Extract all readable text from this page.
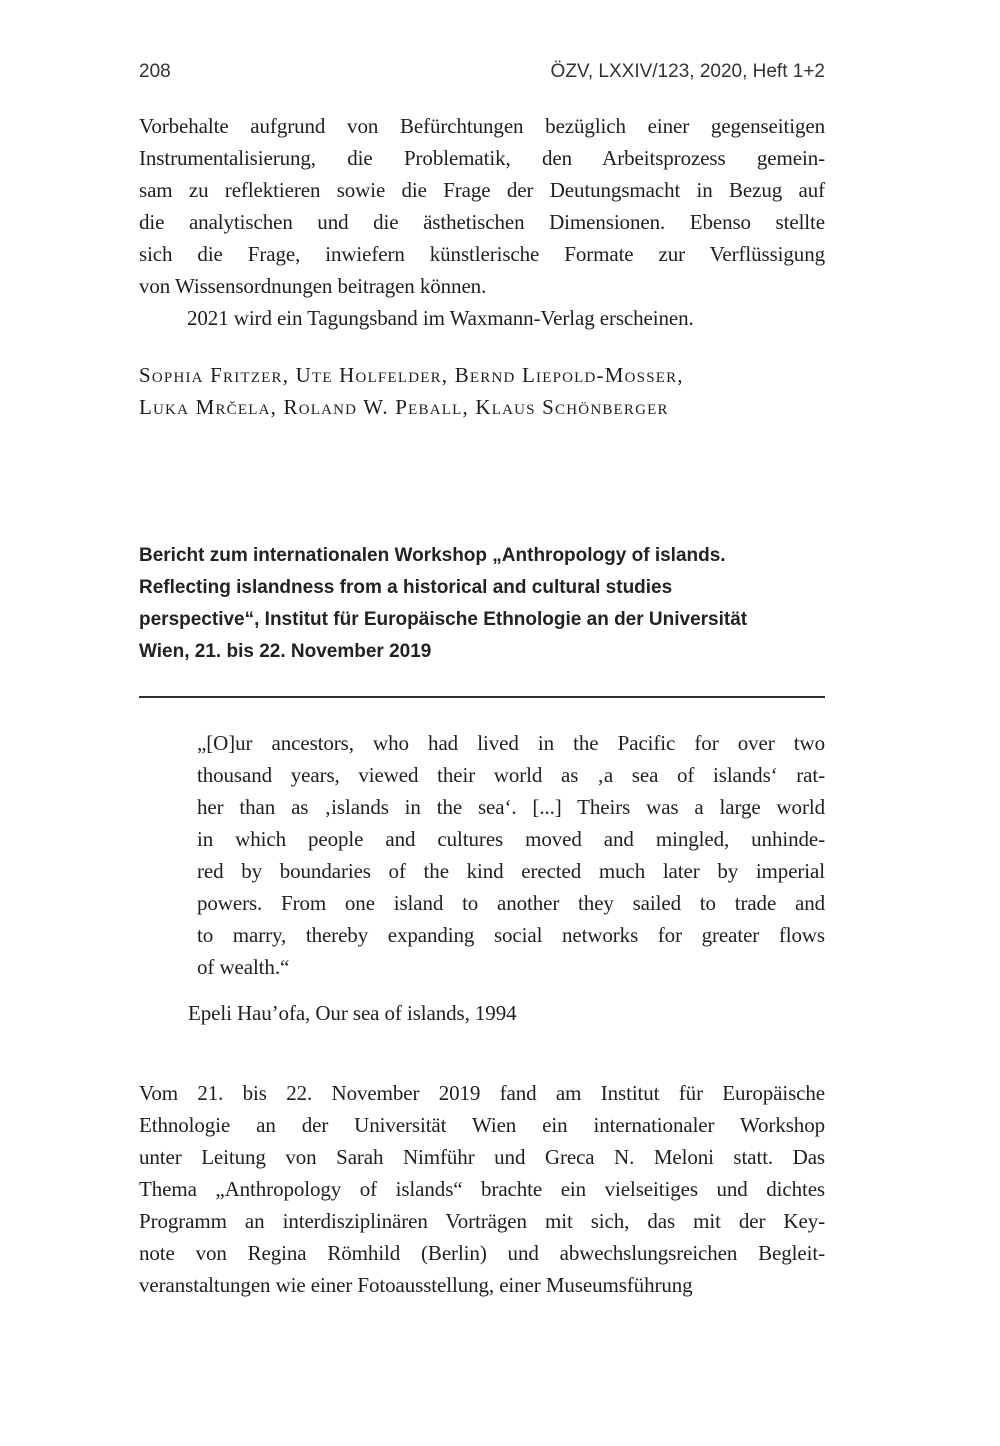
208	ÖZV, LXXIV/123, 2020, Heft 1+2
Vorbehalte aufgrund von Befürchtungen bezüglich einer gegenseitigen
Instrumentalisierung, die Problematik, den Arbeitsprozess gemein-
sam zu reflektieren sowie die Frage der Deutungsmacht in Bezug auf
die analytischen und die ästhetischen Dimensionen. Ebenso stellte
sich die Frage, inwiefern künstlerische Formate zur Verflüssigung
von Wissensordnungen beitragen können.
2021 wird ein Tagungsband im Waxmann-Verlag erscheinen.
Sophia Fritzer, Ute Holfelder, Bernd Liepold-Mosser,
Luka Mrčela, Roland W. Peball, Klaus Schönberger
Bericht zum internationalen Workshop „Anthropology of islands.
Reflecting islandness from a historical and cultural studies
perspective“, Institut für Europäische Ethnologie an der Universität
Wien, 21. bis 22. November 2019
„[O]ur ancestors, who had lived in the Pacific for over two
thousand years, viewed their world as ‚a sea of islands‘ rat-
her than as ‚islands in the sea‘. [...] Theirs was a large world
in which people and cultures moved and mingled, unhinde-
red by boundaries of the kind erected much later by imperial
powers. From one island to another they sailed to trade and
to marry, thereby expanding social networks for greater flows
of wealth.“
Epeli Hau’ofa, Our sea of islands, 1994
Vom 21. bis 22. November 2019 fand am Institut für Europäische
Ethnologie an der Universität Wien ein internationaler Workshop
unter Leitung von Sarah Nimführ und Greca N. Meloni statt. Das
Thema „Anthropology of islands“ brachte ein vielseitiges und dichtes
Programm an interdisziplinären Vorträgen mit sich, das mit der Key-
note von Regina Römhild (Berlin) und abwechslungsreichen Begleit-
veranstaltungen wie einer Fotoausstellung, einer Museumsführung
